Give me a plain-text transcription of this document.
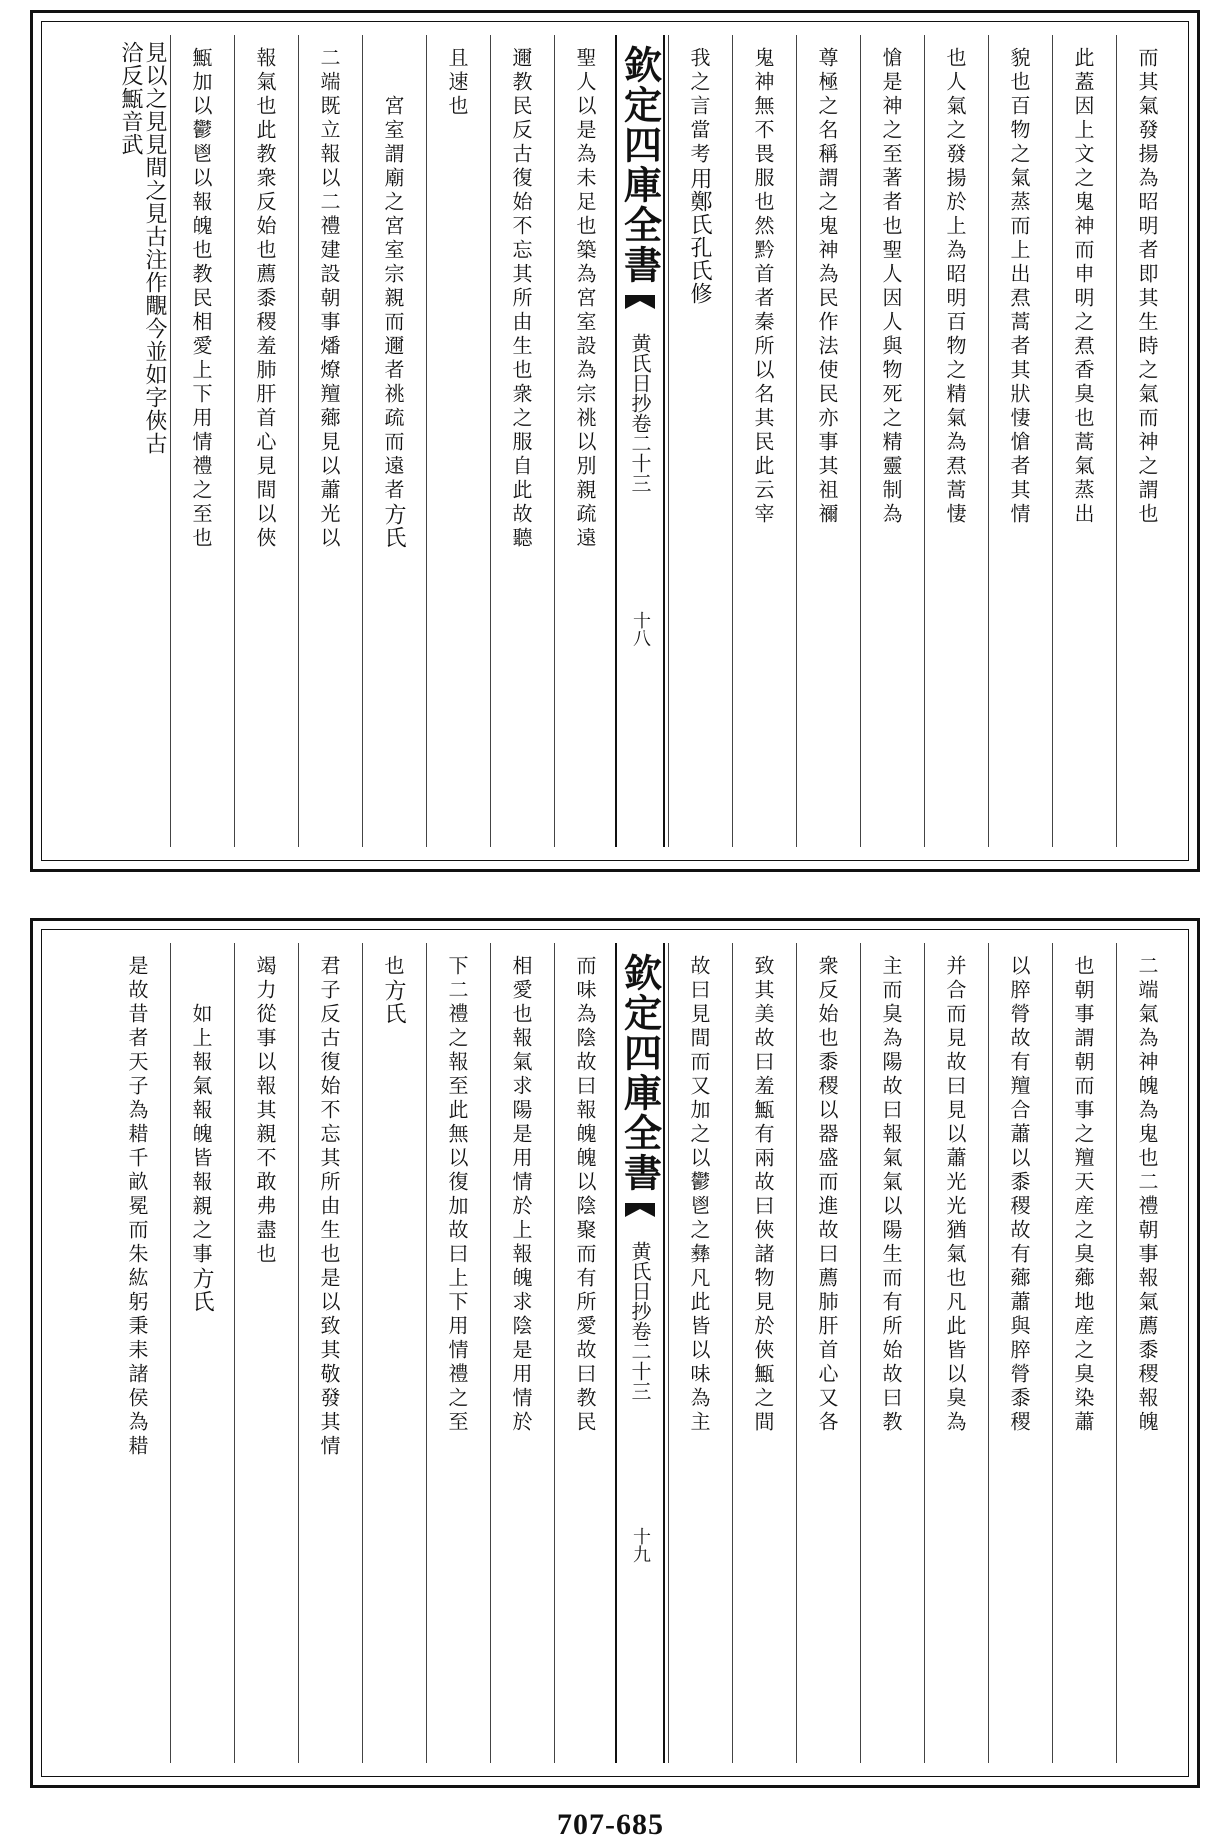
而其氣發揚為昭明者即其生時之氣而神之謂也
此蓋因上文之鬼神而申明之焄香臭也蒿氣蒸出
貌也百物之氣蒸而上出焄蒿者其狀悽愴者其情
也人氣之發揚於上為昭明百物之精氣為焄蒿悽
愴是神之至著者也聖人因人與物死之精靈制為
尊極之名稱謂之鬼神為民作法使民亦事其祖禰
鬼神無不畏服也然黔首者秦所以名其民此云宰
我之言當考用鄭氏孔氏修
欽定四庫全書
黄氏日抄
卷二十三
十八
聖人以是為未足也築為宮室設為宗祧以別親疏遠
邇教民反古復始不忘其所由生也衆之服自此故聽
且速也
宮室謂廟之宮室宗親而邇者祧疏而遠者方氏
二端既立報以二禮建設朝事燔燎羶薌見以蕭光以
報氣也此教衆反始也薦黍稷羞肺肝首心見間以俠
甒加以鬱鬯以報魄也教民相愛上下用情禮之至也
見以之見見間之見古注作覸今並如字俠古洽反甒音武
二端氣為神魄為鬼也二禮朝事報氣薦黍稷報魄
也朝事謂朝而事之羶天産之臭薌地産之臭染蕭
以脺膋故有羶合蕭以黍稷故有薌蕭與脺膋黍稷
并合而見故曰見以蕭光光猶氣也凡此皆以臭為
主而臭為陽故曰報氣氣以陽生而有所始故曰教
衆反始也黍稷以器盛而進故曰薦肺肝首心又各
致其美故曰羞甒有兩故曰俠諸物見於俠甒之間
故曰見間而又加之以鬱鬯之彝凡此皆以味為主
欽定四庫全書
黄氏日抄
卷二十三
十九
而味為陰故曰報魄魄以陰聚而有所愛故曰教民
相愛也報氣求陽是用情於上報魄求陰是用情於
下二禮之報至此無以復加故曰上下用情禮之至
也方氏
君子反古復始不忘其所由生也是以致其敬發其情
竭力從事以報其親不敢弗盡也
如上報氣報魄皆報親之事方氏
是故昔者天子為耤千畝冕而朱紘躬秉耒諸侯為耤
707-685
